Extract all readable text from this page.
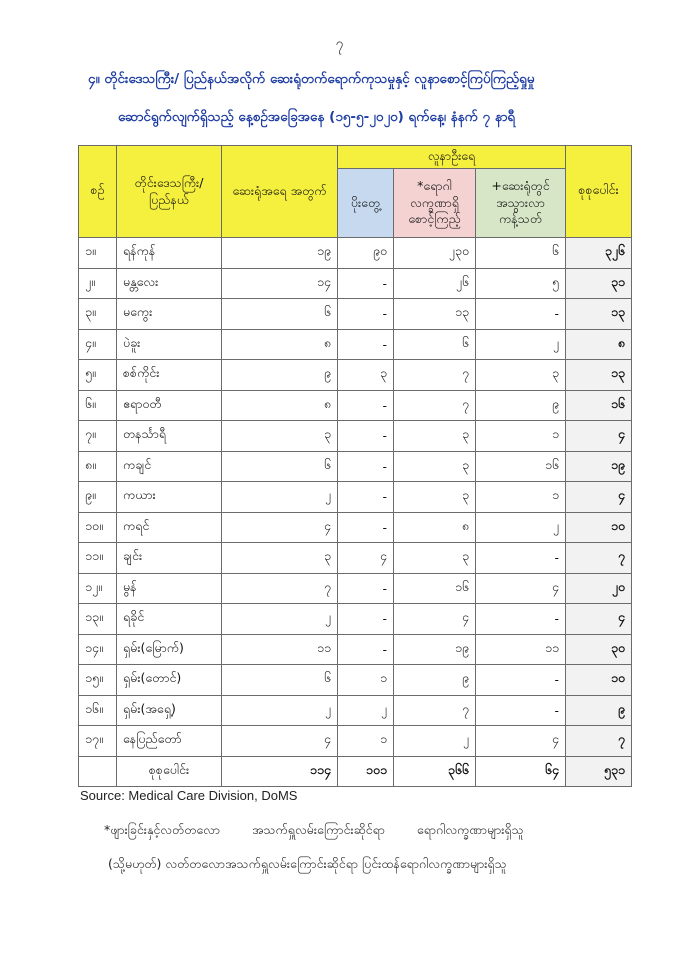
၇
၄။ တိုင်းဒေသကြီး/ ပြည်နယ်အလိုက် ဆေးရုံတက်ရောက်ကုသမှုနှင့် လူနာစောင့်ကြပ်ကြည့်ရှုမှု
ဆောင်ရွက်လျက်ရှိသည့် နေ့စဉ်အခြေအနေ (၁၅-၅-၂၀၂၀) ရက်နေ့၊ နံနက် ၇ နာရီ
စဉ်	တိုင်းဒေသကြီး/ ပြည်နယ်	ဆေးရုံအရေ အတွက်	လူနာဦးရေ			စုစုပေါင်း
			ပိုးတွေ့	*ရောဂါ လက္ခဏာရှိ စောင့်ကြည့်	+ဆေးရုံတွင် အသွားလာ ကန့်သတ်	
၁။	ရန်ကုန်	၁၉	၉၀	၂၃၀	၆	၃၂၆
၂။	မန္တလေး	၁၄	-	၂၆	၅	၃၁
၃။	မကွေး	၆	-	၁၃	-	၁၃
၄။	ပဲခူး	၈	-	၆	၂	၈
၅။	စစ်ကိုင်း	၉	၃	၇	၃	၁၃
၆။	ဧရာဝတီ	၈	-	၇	၉	၁၆
၇။	တနင်္သာရီ	၃	-	၃	၁	၄
၈။	ကချင်	၆	-	၃	၁၆	၁၉
၉။	ကယား	၂	-	၃	၁	၄
၁၀။	ကရင်	၄	-	၈	၂	၁၀
၁၁။	ချင်း	၃	၄	၃	-	၇
၁၂။	မွန်	၇	-	၁၆	၄	၂၀
၁၃။	ရခိုင်	၂	-	၄	-	၄
၁၄။	ရှမ်း(မြောက်)	၁၁	-	၁၉	၁၁	၃၀
၁၅။	ရှမ်း(တောင်)	၆	၁	၉	-	၁၀
၁၆။	ရှမ်း(အရှေ့)	၂	၂	၇	-	၉
၁၇။	နေပြည်တော်	၄	၁	၂	၄	၇
	စုစုပေါင်း	၁၁၄	၁၀၁	၃၆၆	၆၄	၅၃၁
Source: Medical Care Division, DoMS
*ဖျားခြင်းနှင့်လတ်တလော အသက်ရှူလမ်းကြောင်းဆိုင်ရာ ရောဂါလက္ခဏာများရှိသူ
(သို့မဟုတ်) လတ်တလောအသက်ရှူလမ်းကြောင်းဆိုင်ရာ ပြင်းထန်ရောဂါလက္ခဏာများရှိသူ
